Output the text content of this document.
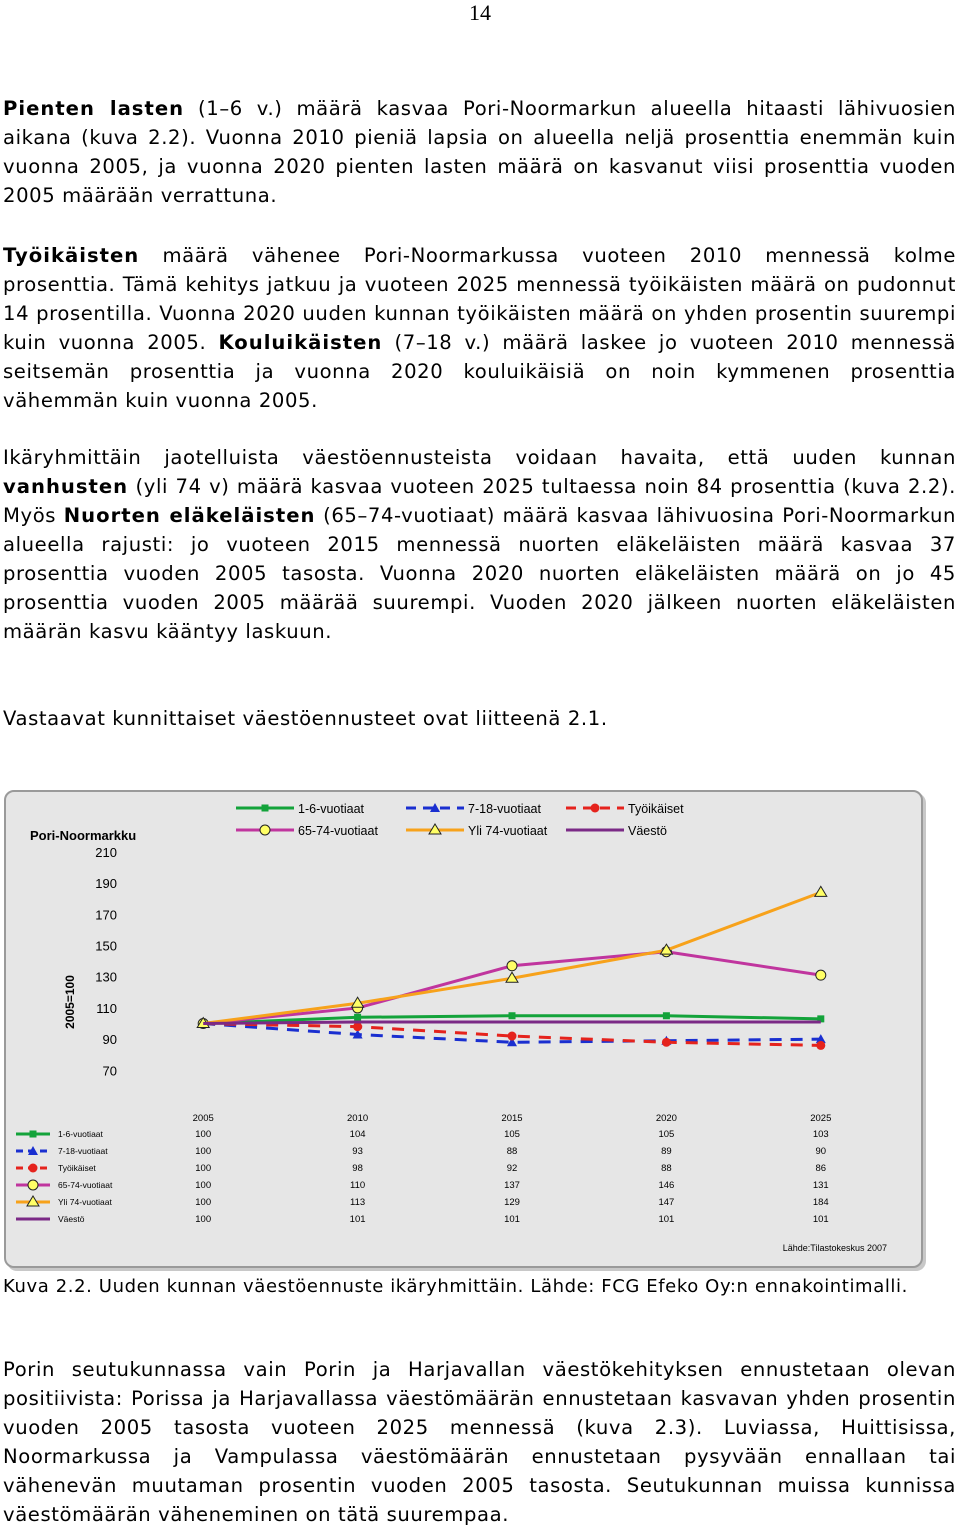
14

Pienten lasten (1–6 v.) määrä kasvaa Pori-Noormarkun alueella hitaasti lähivuosien aikana (kuva 2.2). Vuonna 2010 pieniä lapsia on alueella neljä prosenttia enemmän kuin vuonna 2005, ja vuonna 2020 pienten lasten määrä on kasvanut viisi prosenttia vuoden 2005 määrään verrattuna.

Työikäisten määrä vähenee Pori-Noormarkussa vuoteen 2010 mennessä kolme prosenttia. Tämä kehitys jatkuu ja vuoteen 2025 mennessä työikäisten määrä on pudonnut 14 prosentilla. Vuonna 2020 uuden kunnan työikäisten määrä on yhden prosentin suurempi kuin vuonna 2005. Kouluikäisten (7–18 v.) määrä laskee jo vuoteen 2010 mennessä seitsemän prosenttia ja vuonna 2020 kouluikäisiä on noin kymmenen prosenttia vähemmän kuin vuonna 2005.

Ikäryhmittäin jaotelluista väestöennusteista voidaan havaita, että uuden kunnan vanhusten (yli 74 v) määrä kasvaa vuoteen 2025 tultaessa noin 84 prosenttia (kuva 2.2). Myös Nuorten eläkeläisten (65–74-vuotiaat) määrä kasvaa lähivuosina Pori-Noormarkun alueella rajusti: jo vuoteen 2015 mennessä nuorten eläkeläisten määrä kasvaa 37 prosenttia vuoden 2005 tasosta. Vuonna 2020 nuorten eläkeläisten määrä on jo 45 prosenttia vuoden 2005 määrää suurempi. Vuoden 2020 jälkeen nuorten eläkeläisten määrän kasvu kääntyy laskuun.

Vastaavat kunnittaiset väestöennusteet ovat liitteenä 2.1.

Pori-Noormarkku
2005=100
1-6-vuotiaat	7-18-vuotiaat	Työikäiset
65-74-vuotiaat	Yli 74-vuotiaat	Väestö
70
90
110
130
150
170
190
210
2005	2010	2015	2020	2025
1-6-vuotiaat	100	104	105	105	103
7-18-vuotiaat	100	93	88	89	90
Työikäiset	100	98	92	88	86
65-74-vuotiaat	100	110	137	146	131
Yli 74-vuotiaat	100	113	129	147	184
Väestö	100	101	101	101	101
Lähde:Tilastokeskus 2007

Kuva 2.2. Uuden kunnan väestöennuste ikäryhmittäin. Lähde: FCG Efeko Oy:n ennakointimalli.

Porin seutukunnassa vain Porin ja Harjavallan väestökehityksen ennustetaan olevan positiivista: Porissa ja Harjavallassa väestömäärän ennustetaan kasvavan yhden prosentin vuoden 2005 tasosta vuoteen 2025 mennessä (kuva 2.3). Luviassa, Huittisissa, Noormarkussa ja Vampulassa väestömäärän ennustetaan pysyvään ennallaan tai vähenevän muutaman prosentin vuoden 2005 tasosta. Seutukunnan muissa kunnissa väestömäärän väheneminen on tätä suurempaa.
